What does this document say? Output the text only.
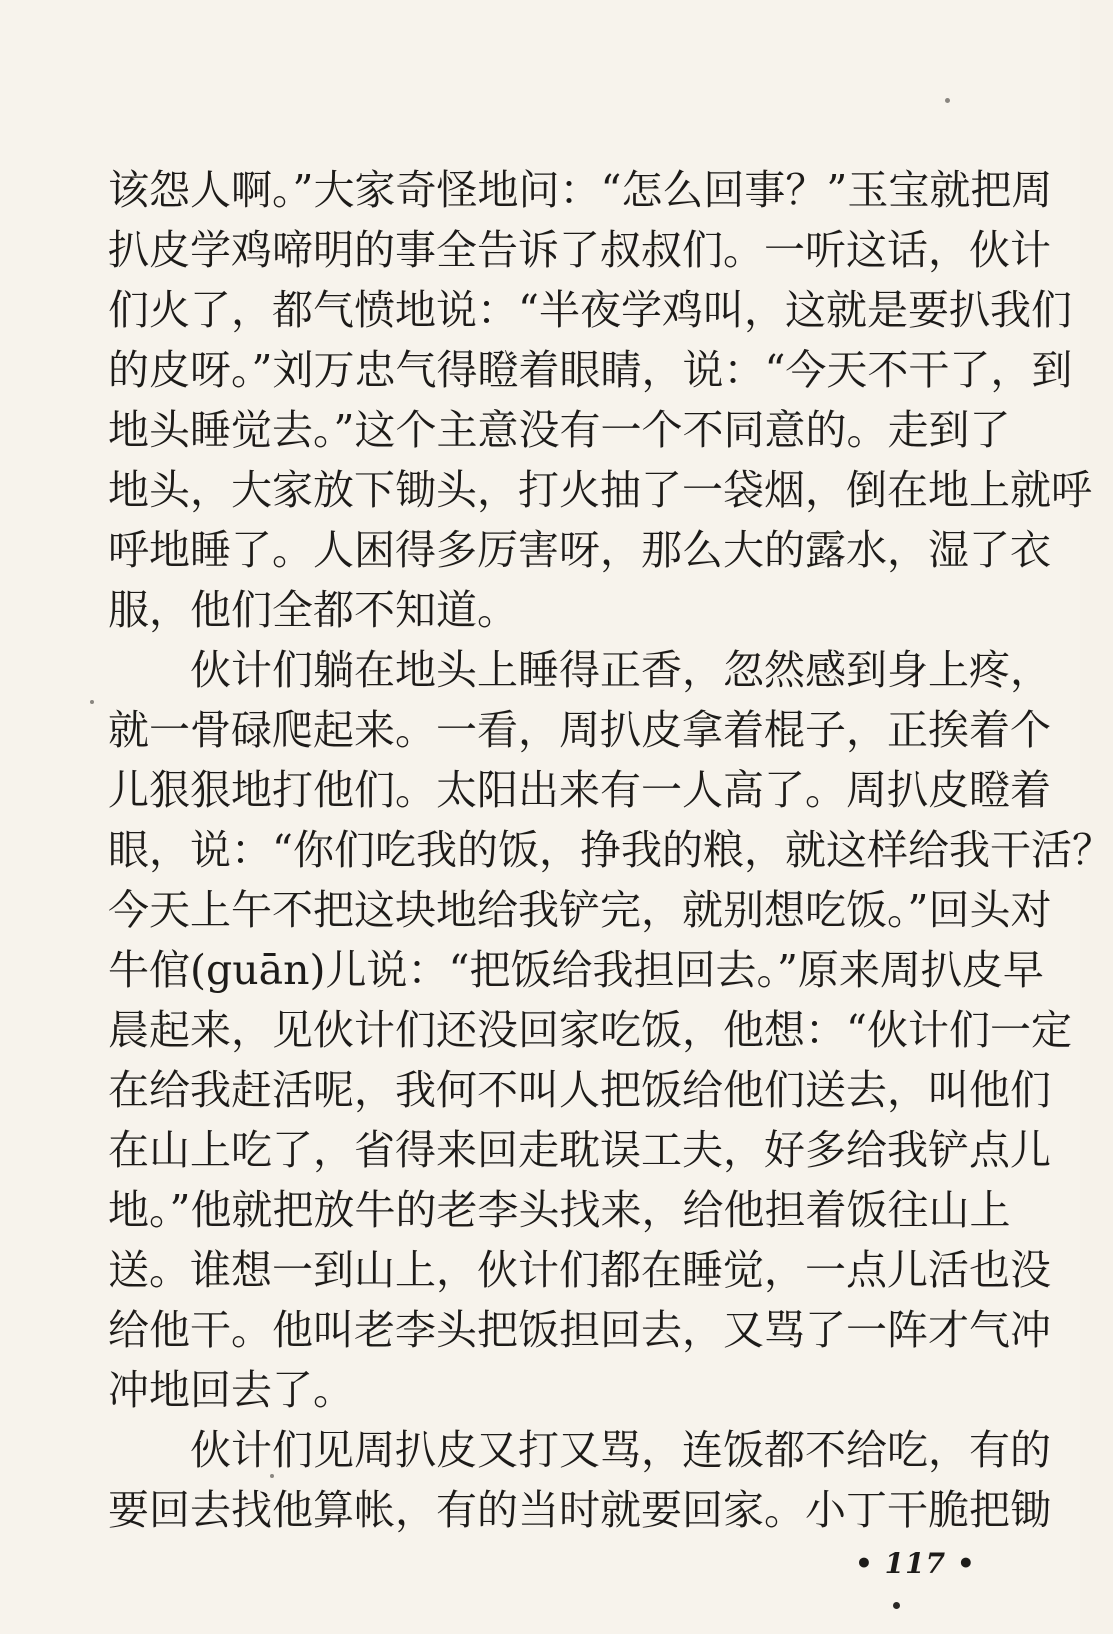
该怨人啊。”大家奇怪地问：“怎么回事？”玉宝就把周
扒皮学鸡啼明的事全告诉了叔叔们。一听这话，伙计
们火了，都气愤地说：“半夜学鸡叫，这就是要扒我们
的皮呀。”刘万忠气得瞪着眼睛，说：“今天不干了，到
地头睡觉去。”这个主意没有一个不同意的。走到了
地头，大家放下锄头，打火抽了一袋烟，倒在地上就呼
呼地睡了。人困得多厉害呀，那么大的露水，湿了衣
服，他们全都不知道。
伙计们躺在地头上睡得正香，忽然感到身上疼，
就一骨碌爬起来。一看，周扒皮拿着棍子，正挨着个
儿狠狠地打他们。太阳出来有一人高了。周扒皮瞪着
眼，说：“你们吃我的饭，挣我的粮，就这样给我干活？
今天上午不把这块地给我铲完，就别想吃饭。”回头对
牛倌(guān)儿说：“把饭给我担回去。”原来周扒皮早
晨起来，见伙计们还没回家吃饭，他想：“伙计们一定
在给我赶活呢，我何不叫人把饭给他们送去，叫他们
在山上吃了，省得来回走耽误工夫，好多给我铲点儿
地。”他就把放牛的老李头找来，给他担着饭往山上
送。谁想一到山上，伙计们都在睡觉，一点儿活也没
给他干。他叫老李头把饭担回去，又骂了一阵才气冲
冲地回去了。
伙计们见周扒皮又打又骂，连饭都不给吃，有的
要回去找他算帐，有的当时就要回家。小丁干脆把锄
• 117 •
